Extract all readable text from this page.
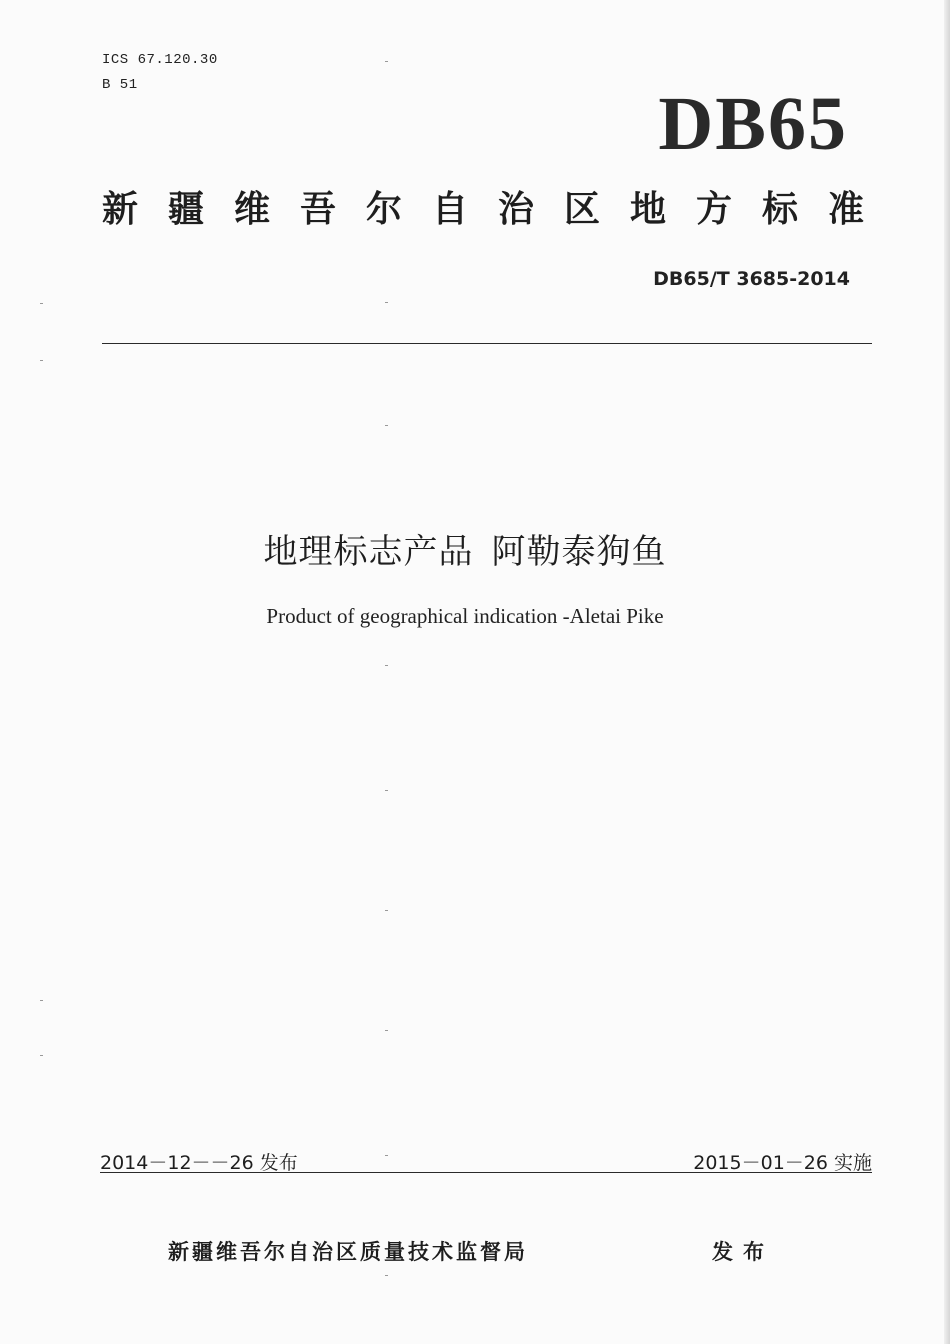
ICS 67.120.30
B 51	DB65
新疆维吾尔自治区地方标准
DB65/T 3685-2014
地理标志产品 阿勒泰狗鱼
Product of geographical indication -Aletai Pike
2014－12－－26 发布	2015－01－26 实施
新疆维吾尔自治区质量技术监督局	发布
